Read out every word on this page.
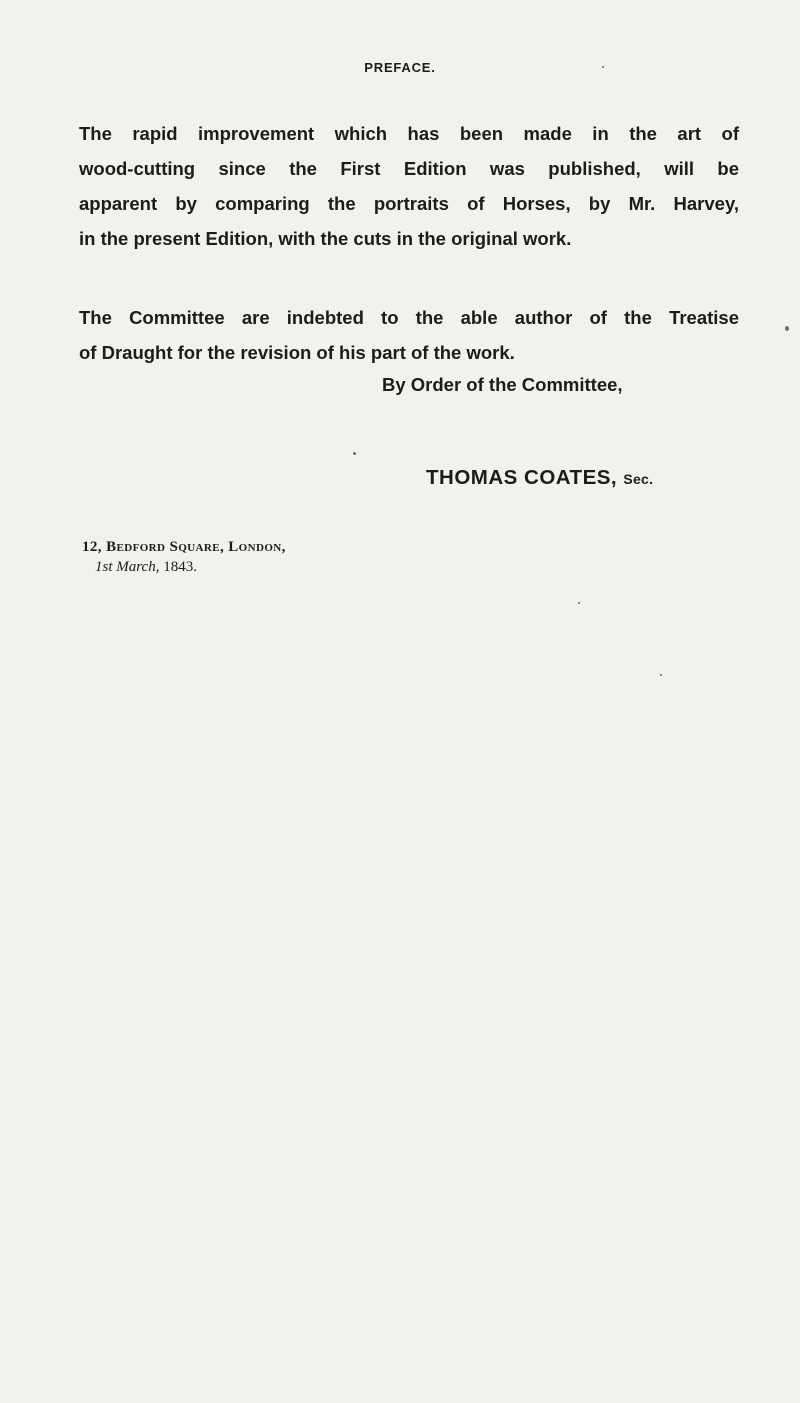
PREFACE.

The rapid improvement which has been made in the art of
wood-cutting since the First Edition was published, will be
apparent by comparing the portraits of Horses, by Mr. Harvey,
in the present Edition, with the cuts in the original work.

The Committee are indebted to the able author of the Treatise
of Draught for the revision of his part of the work.

By Order of the Committee,
THOMAS COATES, Sec.
12, Bedford Square, London,
1st March, 1843.
